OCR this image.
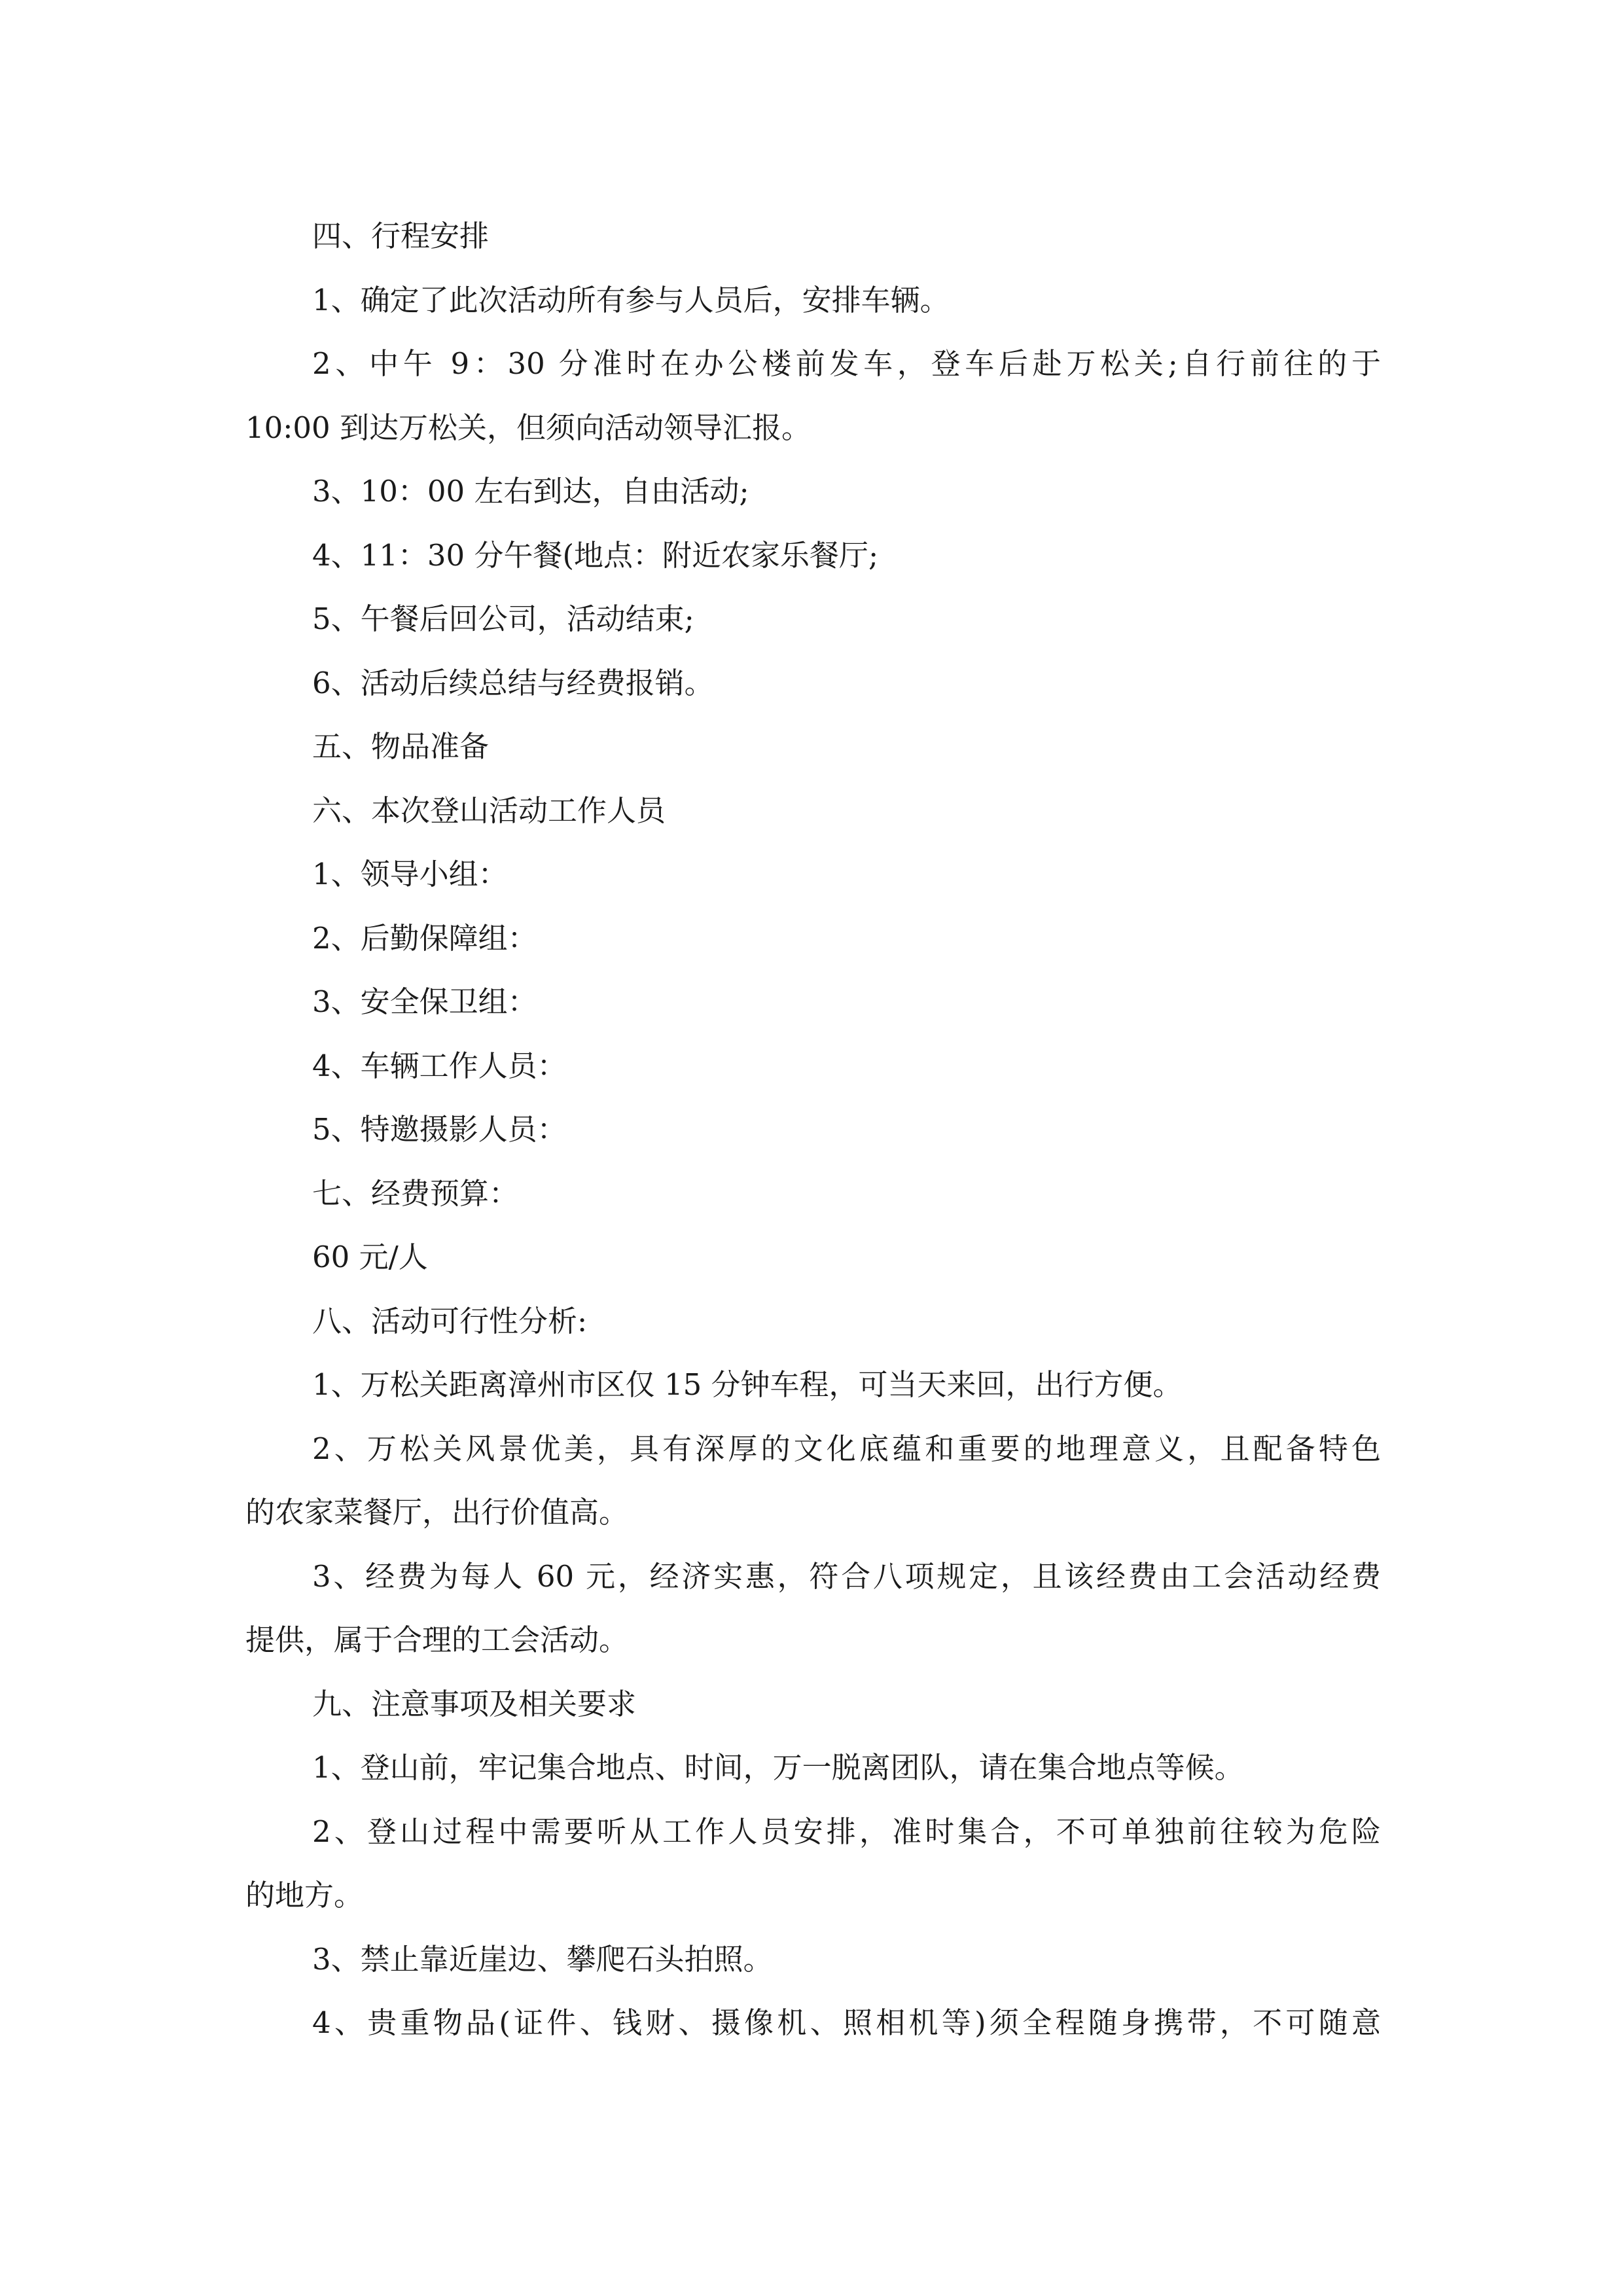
四、行程安排
1、确定了此次活动所有参与人员后，安排车辆。
2、中午 9：30 分准时在办公楼前发车，登车后赴万松关;自行前往的于
10:00 到达万松关，但须向活动领导汇报。
3、10：00 左右到达，自由活动;
4、11：30 分午餐(地点：附近农家乐餐厅;
5、午餐后回公司，活动结束;
6、活动后续总结与经费报销。
五、物品准备
六、本次登山活动工作人员
1、领导小组：
2、后勤保障组：
3、安全保卫组：
4、车辆工作人员：
5、特邀摄影人员：
七、经费预算：
60 元/人
八、活动可行性分析:
1、万松关距离漳州市区仅 15 分钟车程，可当天来回，出行方便。
2、万松关风景优美，具有深厚的文化底蕴和重要的地理意义，且配备特色
的农家菜餐厅，出行价值高。
3、经费为每人 60 元，经济实惠，符合八项规定，且该经费由工会活动经费
提供，属于合理的工会活动。
九、注意事项及相关要求
1、登山前，牢记集合地点、时间，万一脱离团队，请在集合地点等候。
2、登山过程中需要听从工作人员安排，准时集合，不可单独前往较为危险
的地方。
3、禁止靠近崖边、攀爬石头拍照。
4、贵重物品(证件、钱财、摄像机、照相机等)须全程随身携带，不可随意
